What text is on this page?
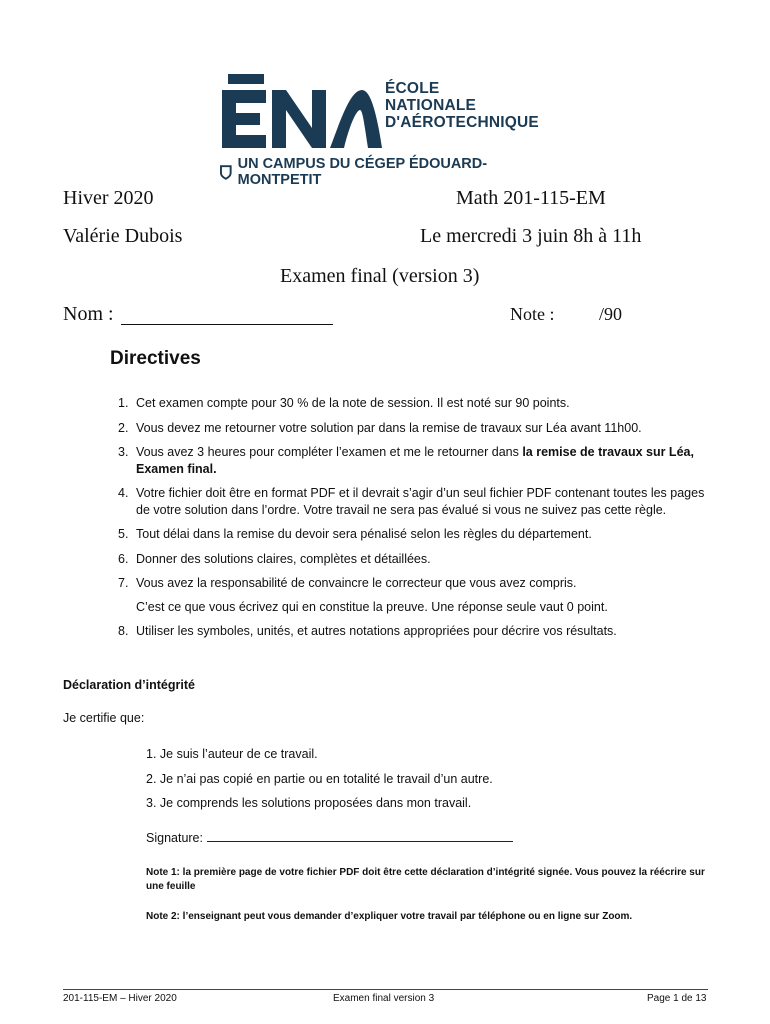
ÉCOLE
NATIONALE
D'AÉROTECHNIQUE
UN CAMPUS DU CÉGEP ÉDOUARD-MONTPETIT
Hiver 2020	Math 201-115-EM
Valérie Dubois	Le mercredi 3 juin 8h à 11h
Examen final (version 3)
Nom :	Note : /90
Directives
1. Cet examen compte pour 30 % de la note de session. Il est noté sur 90 points.
2. Vous devez me retourner votre solution par dans la remise de travaux sur Léa avant 11h00.
3. Vous avez 3 heures pour compléter l’examen et me le retourner dans la remise de travaux sur Léa, Examen final.
4. Votre fichier doit être en format PDF et il devrait s’agir d’un seul fichier PDF contenant toutes les pages de votre solution dans l’ordre. Votre travail ne sera pas évalué si vous ne suivez pas cette règle.
5. Tout délai dans la remise du devoir sera pénalisé selon les règles du département.
6. Donner des solutions claires, complètes et détaillées.
7. Vous avez la responsabilité de convaincre le correcteur que vous avez compris.
C’est ce que vous écrivez qui en constitue la preuve. Une réponse seule vaut 0 point.
8. Utiliser les symboles, unités, et autres notations appropriées pour décrire vos résultats.
Déclaration d’intégrité
Je certifie que:
1. Je suis l’auteur de ce travail.
2. Je n’ai pas copié en partie ou en totalité le travail d’un autre.
3. Je comprends les solutions proposées dans mon travail.
Signature:
Note 1: la première page de votre fichier PDF doit être cette déclaration d’intégrité signée. Vous pouvez la réécrire sur une feuille
Note 2: l’enseignant peut vous demander d’expliquer votre travail par téléphone ou en ligne sur Zoom.
201-115-EM – Hiver 2020	Examen final version 3	Page 1 de 13
